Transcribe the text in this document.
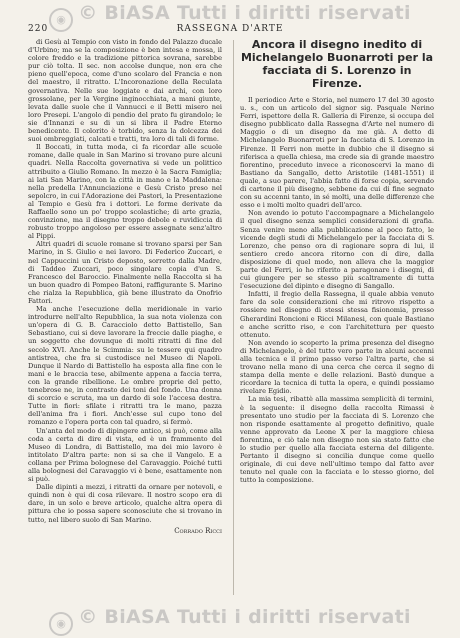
◉ © BiASA Tutti i diritti riservati
220	RASSEGNA D'ARTE

di Gesù al Tempio con visto in fondo del Palazzo ducale d'Urbino; ma se la composizione è ben intesa e mossa, il colore freddo e la tradizione pittorica sovrana, sarebbe pur ciò tolta. Il sec. non accolse dunque, non era che pieno quell'epoca, come d'uno scolaro del Francia e non del maestro, il ritratto. L'Incoronazione della Reculata governativa. Nelle sue loggiate e dai archi, con loro grossolane, per la Vergine inginocchiata, a mani giunte, levata dalle suole che il Vannucci e il Betti misero nei loro Presepi. L'angolo di pendio del prato fu girandolo; le sie d'Innanzi e su di un si libra il Padre Eterno benedicente. Il colorito è torbido, senza la dolcezza dei suoi ombreggiati, calcati e tratti, tra loro di tali di forme.

Il Boccati, in tutta moda, ci fa ricordar alle scuole romane, dalle quale in San Marino si trovano pure alcuni quadri. Nella Raccolta governativa si vede un polittico attribuito a Giulio Romano. In mezzo è la Sacra Famiglia; ai lati San Marino, con la città in mano e la Maddalena: nella predella l'Annunciazione e Gesù Cristo preso nel sepolcro, in cui l'Adorazione dei Pastori, la Presentazione al Tempio e Gesù fra i dottori. Le forme derivate da Raffaello sono un po' troppo scolastiche; di arte grazia, convinzione, ma il disegno troppo debole e ruvidiccia di robusto troppo angoloso per essere assegnate senz'altro al Pippi.

Altri quadri di scuole romane si trovano sparsi per San Marino, in S. Giulio e nei lavoro. Di Federico Zuccari, e nel Cappuccini un Cristo deposto, sorretto dalla Madre, di Taddeo Zuccari, poco singolare copia d'un S. Francesco del Baroccio. Finalmente nella Raccolta si ha un buon quadro di Pompeo Batoni, raffigurante S. Marino che rialza la Repubblica, già bene illustrato da Onofrio Fattori.

Ma anche l'esecuzione della meridionale in vario introdurre nell'alto Repubblica, la sua nota violenza con un'opera di G. B. Caracciolo detto Battistello, San Sebastiano, cui si deve lavorare la freccie dalle piaghe, e un soggetto che dovunque di molti ritratti di fine del secolo XVI. Anche le Scimmia: su le tessere qui quadro antistrea, che fra si custodisce nel Museo di Napoli. Dunque il Nardo di Battistello ha esposta alla fine con le mani e le braccia tese, abilmente appena a faccia terra, con la grande ribellione. Le ombre proprie del petto, tenebrose ne, in contrasto dei toni del fondo. Una donna di scorcio e scruta, ma un dardo di sole l'accesa destra. Tutte in fiori: sfilate i ritratti tra le mano, pazza dell'anima fra i fiori. Anch'esse sul cupo tono del romanzo e l'opera porta con tal quadro, si fermò.

Un'anta del modo di dipingere antico, si può, come alla coda a certa di dire di vista, ed è un frammento del Museo di Londra, di Battistello, ma dei mio lavoro è intitolato D'altra parte: non si sa che il Vangelo. E a collana per Prima bolognese del Caravaggio. Poiché tutti alla bolognesi del Caravaggio vi è bene, esattamente non si può.

Dalle dipinti a mezzi, i ritratti da ornare per notevoli, e quindi non è qui di cosa rilevare. Il nostro scopo era di dare, in un solo e breve articolo, qualche altra opera di pittura che io possa sapere sconosciute che si trovano in tutto, nel libero suolo di San Marino.

Corrado Ricci
Ancora il disegno inedito di Michelangelo Buonarroti per la facciata di S. Lorenzo in Firenze.

Il periodico Arte e Storia, nel numero 17 del 30 agosto u. s., con un articolo del signor sig. Pasquale Nerino Ferri, ispettore della R. Galleria di Firenze, si occupa del disegno pubblicato dalla Rassegna d'Arte nel numero di Maggio o di un disegno da me già. A detto di Michelangelo Buonarroti per la facciata di S. Lorenzo in Firenze. Il Ferri non mette in dubbio che il disegno si riferisca a quella chiesa, ma crede sia di grande maestro fiorentino, preceduto invece a riconoscervi la mano di Bastiano da Sangallo, detto Aristotile (1481-1551) il quale, a suo parere, l'abbia fatto di forse copia, servendo di cartone il più disegno, sebbene da cui di fine segnato con su accenni tanto, in sé molti, una delle differenze che esso e i molti molto quadri dell'arco.

Non avendo io potuto l'accompagnare a Michelangelo il quel disegno senza semplici considerazioni di grafia. Senza venire meno alla pubblicazione al poco fatto, le vicende degli studi di Michelangelo per la facciata di S. Lorenzo, che penso ora di ragionare sopra di lui, il sentiero credo ancora ritorno con di dire, dalla disposizione di quel modo, non alleva che la maggior parte del Ferri, io ho riferito a paragonare i disegni, di cui giungere per se stesso più scaltramente di tutta l'esecuzione del dipinto e disegno di Sangallo.

Infatti, il fregio della Rassegna, il quale abbia venuto fare da sole considerazioni che mi ritrovo rispetto a rossiere nel disegno di stessi stessa fisionomia, presso Gherardini Roncioni e Ricci Milanesi, con quale Bastiano e anche scritto riso, e con l'architettura per questo ottenuto.

Non avendo io scoperto la prima presenza del disegno di Michelangelo, è del tutto vero parte in alcuni accenni alla tecnica e il primo passo verso l'altra parte, che si trovano nella mano di una cerca che cerca il segno di stampa della mente e delle relazioni. Bastò dunque a ricordare la tecnica di tutta la opera, e quindi possiamo rivelare Egidio.

La mia tesi, ribattè alla massima semplicità di termini, è la seguente: il disegno della raccolta Rimassi è presentato uno studio per la facciata di S. Lorenzo che non risponde esattamente al progetto definitivo, quale venne approvato da Leone X per la maggiore chiesa fiorentina, e ciò tale non disegno non sia stato fatto che lo studio per quello alla facciata esterna del diligente. Pertanto il disegno si concilia dunque come quello originale, di cui deve nell'ultimo tempo dal fatto aver tenuto nel quale con la facciata e lo stesso giorno, del tutto la composizione.

◉ © BiASA Tutti i diritti riservati
